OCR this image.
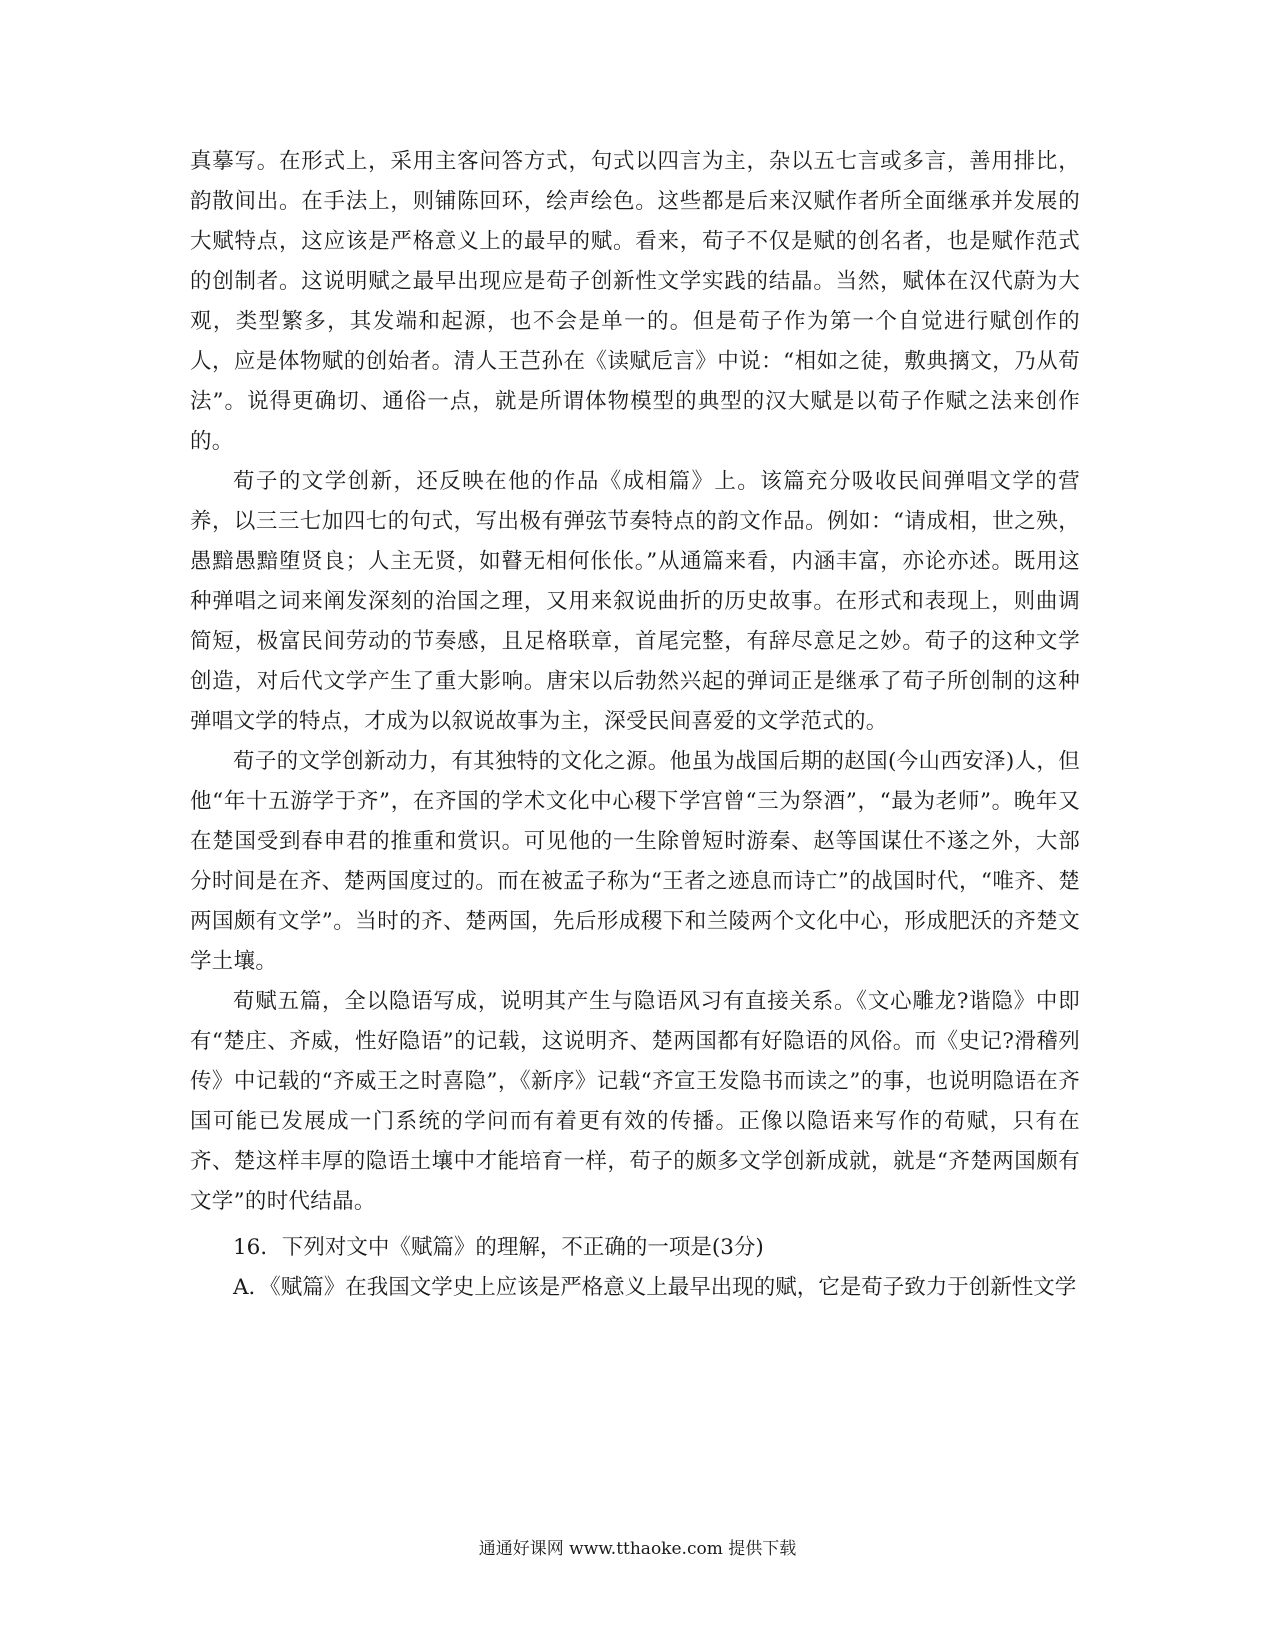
真摹写。在形式上，采用主客问答方式，句式以四言为主，杂以五七言或多言，善用排比，韵散间出。在手法上，则铺陈回环，绘声绘色。这些都是后来汉赋作者所全面继承并发展的大赋特点，这应该是严格意义上的最早的赋。看来，荀子不仅是赋的创名者，也是赋作范式的创制者。这说明赋之最早出现应是荀子创新性文学实践的结晶。当然，赋体在汉代蔚为大观，类型繁多，其发端和起源，也不会是单一的。但是荀子作为第一个自觉进行赋创作的人，应是体物赋的创始者。清人王芑孙在《读赋卮言》中说：“相如之徒，敷典摛文，乃从荀法”。说得更确切、通俗一点，就是所谓体物模型的典型的汉大赋是以荀子作赋之法来创作的。

荀子的文学创新，还反映在他的作品《成相篇》上。该篇充分吸收民间弹唱文学的营养，以三三七加四七的句式，写出极有弹弦节奏特点的韵文作品。例如：“请成相，世之殃，愚黯愚黯堕贤良；人主无贤，如瞽无相何伥伥。”从通篇来看，内涵丰富，亦论亦述。既用这种弹唱之词来阐发深刻的治国之理，又用来叙说曲折的历史故事。在形式和表现上，则曲调简短，极富民间劳动的节奏感，且足格联章，首尾完整，有辞尽意足之妙。荀子的这种文学创造，对后代文学产生了重大影响。唐宋以后勃然兴起的弹词正是继承了荀子所创制的这种弹唱文学的特点，才成为以叙说故事为主，深受民间喜爱的文学范式的。

荀子的文学创新动力，有其独特的文化之源。他虽为战国后期的赵国(今山西安泽)人，但他“年十五游学于齐”，在齐国的学术文化中心稷下学宫曾“三为祭酒”，“最为老师”。晚年又在楚国受到春申君的推重和赏识。可见他的一生除曾短时游秦、赵等国谋仕不遂之外，大部分时间是在齐、楚两国度过的。而在被孟子称为“王者之迹息而诗亡”的战国时代，“唯齐、楚两国颇有文学”。当时的齐、楚两国，先后形成稷下和兰陵两个文化中心，形成肥沃的齐楚文学土壤。

荀赋五篇，全以隐语写成，说明其产生与隐语风习有直接关系。《文心雕龙?谐隐》中即有“楚庄、齐威，性好隐语”的记载，这说明齐、楚两国都有好隐语的风俗。而《史记?滑稽列传》中记载的“齐威王之时喜隐”，《新序》记载“齐宣王发隐书而读之”的事，也说明隐语在齐国可能已发展成一门系统的学问而有着更有效的传播。正像以隐语来写作的荀赋，只有在齐、楚这样丰厚的隐语土壤中才能培育一样，荀子的颇多文学创新成就，就是“齐楚两国颇有文学”的时代结晶。

16．下列对文中《赋篇》的理解，不正确的一项是(3分)

A．《赋篇》在我国文学史上应该是严格意义上最早出现的赋，它是荀子致力于创新性文学

通通好课网 www.tthaoke.com 提供下载
